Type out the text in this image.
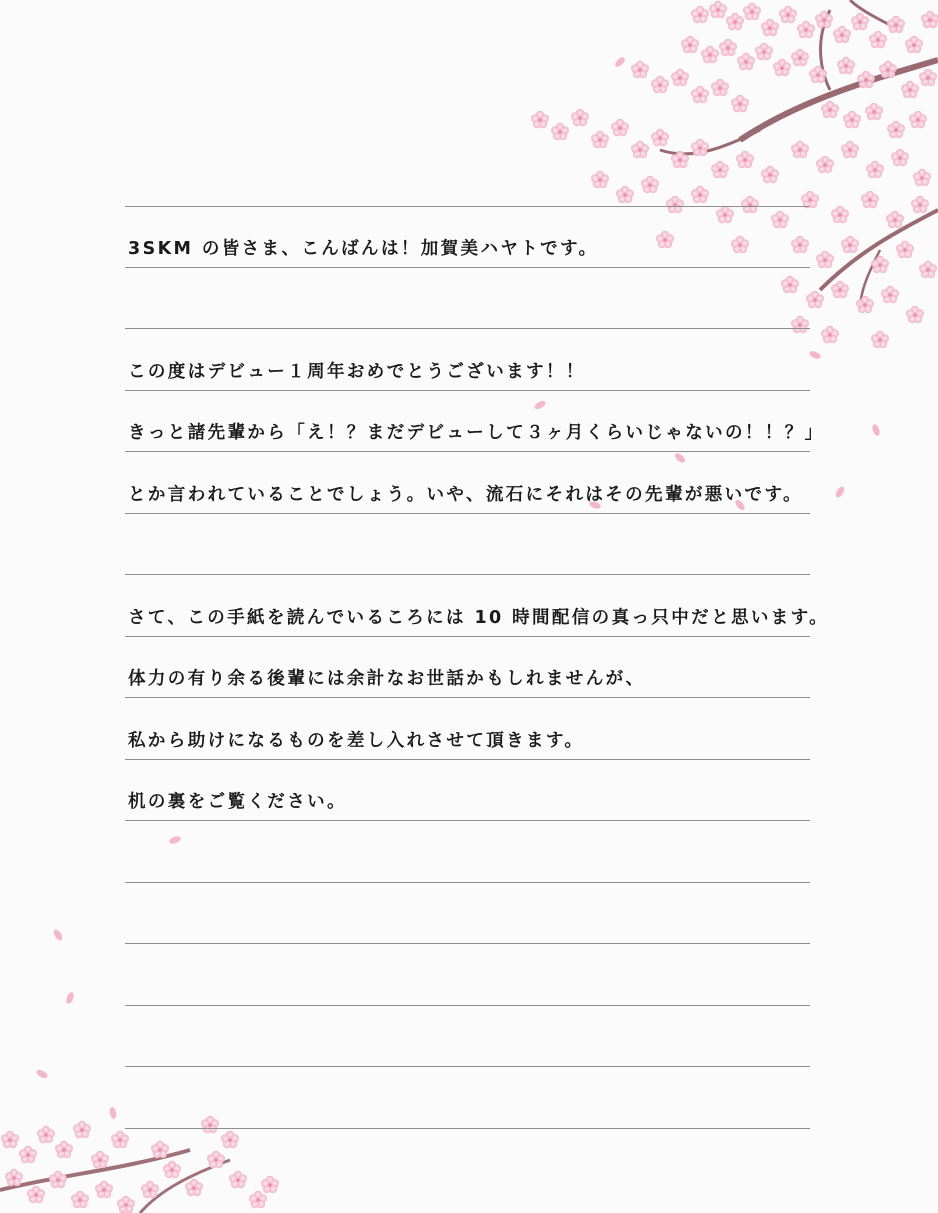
3SKM の皆さま、こんばんは！加賀美ハヤトです。
この度はデビュー１周年おめでとうございます！！
きっと諸先輩から「え！？まだデビューして３ヶ月くらいじゃないの！！？」
とか言われていることでしょう。いや、流石にそれはその先輩が悪いです。
さて、この手紙を読んでいるころには 10 時間配信の真っ只中だと思います。
体力の有り余る後輩には余計なお世話かもしれませんが、
私から助けになるものを差し入れさせて頂きます。
机の裏をご覧ください。
